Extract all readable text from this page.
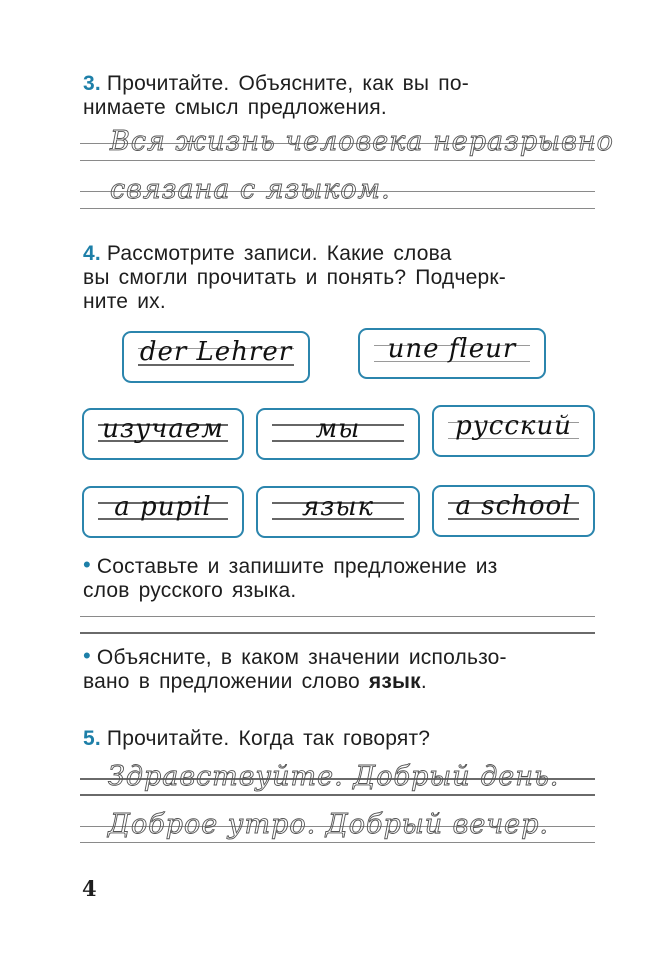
3. Прочитайте. Объясните, как вы по-
нимаете смысл предложения.
Вся жизнь человека неразрывно
связана с языком.
4. Рассмотрите записи. Какие слова
вы смогли прочитать и понять? Подчерк-
ните их.
der Lehrer	une fleur
изучаем	мы	русский
a pupil	язык	a school
• Составьте и запишите предложение из
слов русского языка.
• Объясните, в каком значении использо-
вано в предложении слово язык.
5. Прочитайте. Когда так говорят?
Здравствуйте. Добрый день.
Доброе утро. Добрый вечер.
4
